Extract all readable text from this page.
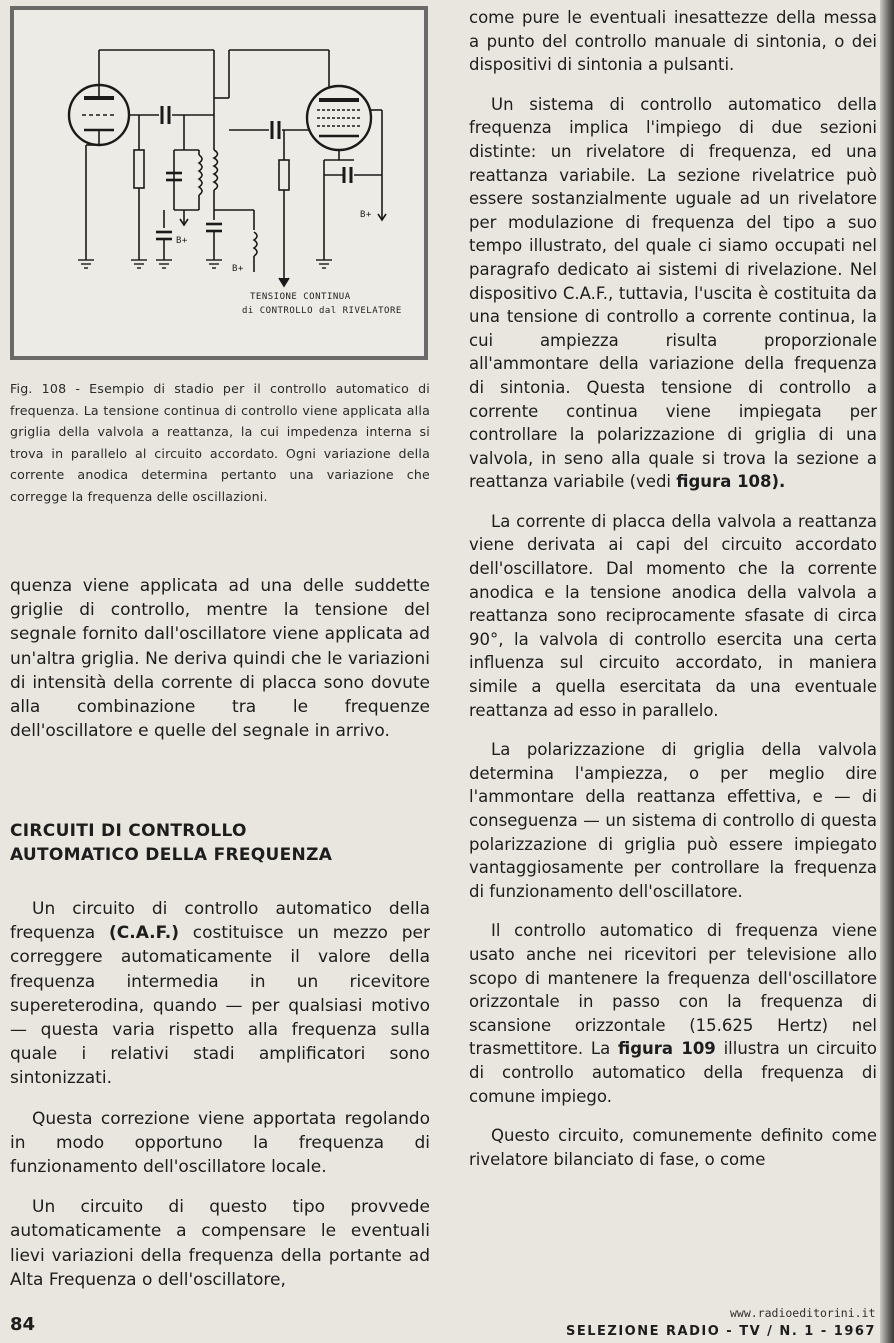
B+
B+
B+
TENSIONE CONTINUA
di CONTROLLO dal RIVELATORE
Fig. 108 - Esempio di stadio per il controllo automatico di frequenza. La tensione continua di controllo viene applicata alla griglia della valvola a reattanza, la cui impedenza interna si trova in parallelo al circuito accordato. Ogni variazione della corrente anodica determina pertanto una variazione che corregge la frequenza delle oscillazioni.

quenza viene applicata ad una delle suddette griglie di controllo, mentre la tensione del segnale fornito dall'oscillatore viene applicata ad un'altra griglia. Ne deriva quindi che le variazioni di intensità della corrente di placca sono dovute alla combinazione tra le frequenze dell'oscillatore e quelle del segnale in arrivo.

CIRCUITI DI CONTROLLO
AUTOMATICO DELLA FREQUENZA

Un circuito di controllo automatico della frequenza (C.A.F.) costituisce un mezzo per correggere automaticamente il valore della frequenza intermedia in un ricevitore supereterodina, quando — per qualsiasi motivo — questa varia rispetto alla frequenza sulla quale i relativi stadi amplificatori sono sintonizzati.

Questa correzione viene apportata regolando in modo opportuno la frequenza di funzionamento dell'oscillatore locale.

Un circuito di questo tipo provvede automaticamente a compensare le eventuali lievi variazioni della frequenza della portante ad Alta Frequenza o dell'oscillatore,

come pure le eventuali inesattezze della messa a punto del controllo manuale di sintonia, o dei dispositivi di sintonia a pulsanti.

Un sistema di controllo automatico della frequenza implica l'impiego di due sezioni distinte: un rivelatore di frequenza, ed una reattanza variabile. La sezione rivelatrice può essere sostanzialmente uguale ad un rivelatore per modulazione di frequenza del tipo a suo tempo illustrato, del quale ci siamo occupati nel paragrafo dedicato ai sistemi di rivelazione. Nel dispositivo C.A.F., tuttavia, l'uscita è costituita da una tensione di controllo a corrente continua, la cui ampiezza risulta proporzionale all'ammontare della variazione della frequenza di sintonia. Questa tensione di controllo a corrente continua viene impiegata per controllare la polarizzazione di griglia di una valvola, in seno alla quale si trova la sezione a reattanza variabile (vedi figura 108).

La corrente di placca della valvola a reattanza viene derivata ai capi del circuito accordato dell'oscillatore. Dal momento che la corrente anodica e la tensione anodica della valvola a reattanza sono reciprocamente sfasate di circa 90°, la valvola di controllo esercita una certa influenza sul circuito accordato, in maniera simile a quella esercitata da una eventuale reattanza ad esso in parallelo.

La polarizzazione di griglia della valvola determina l'ampiezza, o per meglio dire l'ammontare della reattanza effettiva, e — di conseguenza — un sistema di controllo di questa polarizzazione di griglia può essere impiegato vantaggiosamente per controllare la frequenza di funzionamento dell'oscillatore.

Il controllo automatico di frequenza viene usato anche nei ricevitori per televisione allo scopo di mantenere la frequenza dell'oscillatore orizzontale in passo con la frequenza di scansione orizzontale (15.625 Hertz) nel trasmettitore. La figura 109 illustra un circuito di controllo automatico della frequenza di comune impiego.

Questo circuito, comunemente definito come rivelatore bilanciato di fase, o come

84
www.radioeditorini.it
SELEZIONE RADIO - TV / N. 1 - 1967
